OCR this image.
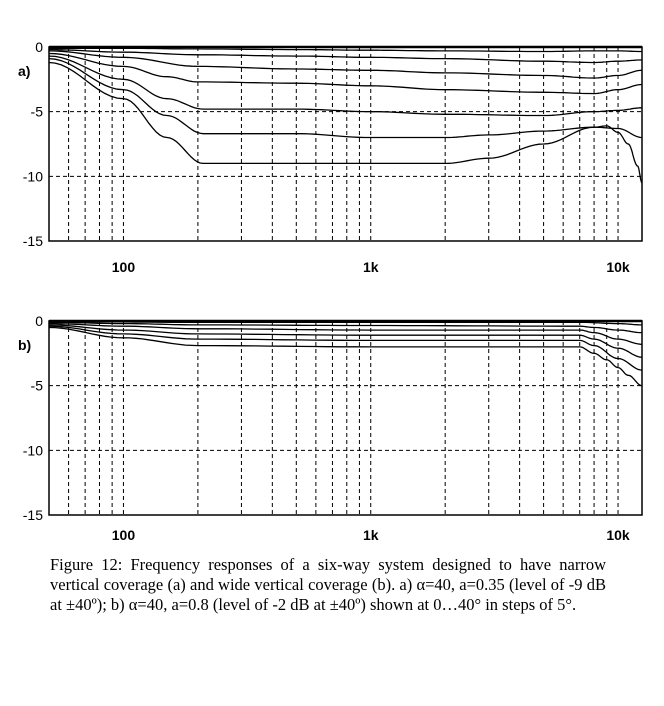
0
-5
-10
-15
100	1k	10k
a)
0
-5
-10
-15
100	1k	10k
b)
Figure 12: Frequency responses of a six-way system designed to have narrow vertical coverage (a) and wide vertical coverage (b). a) α=40, a=0.35 (level of -9 dB at ±40º); b) α=40, a=0.8 (level of -2 dB at ±40º) shown at 0…40° in steps of 5°.
